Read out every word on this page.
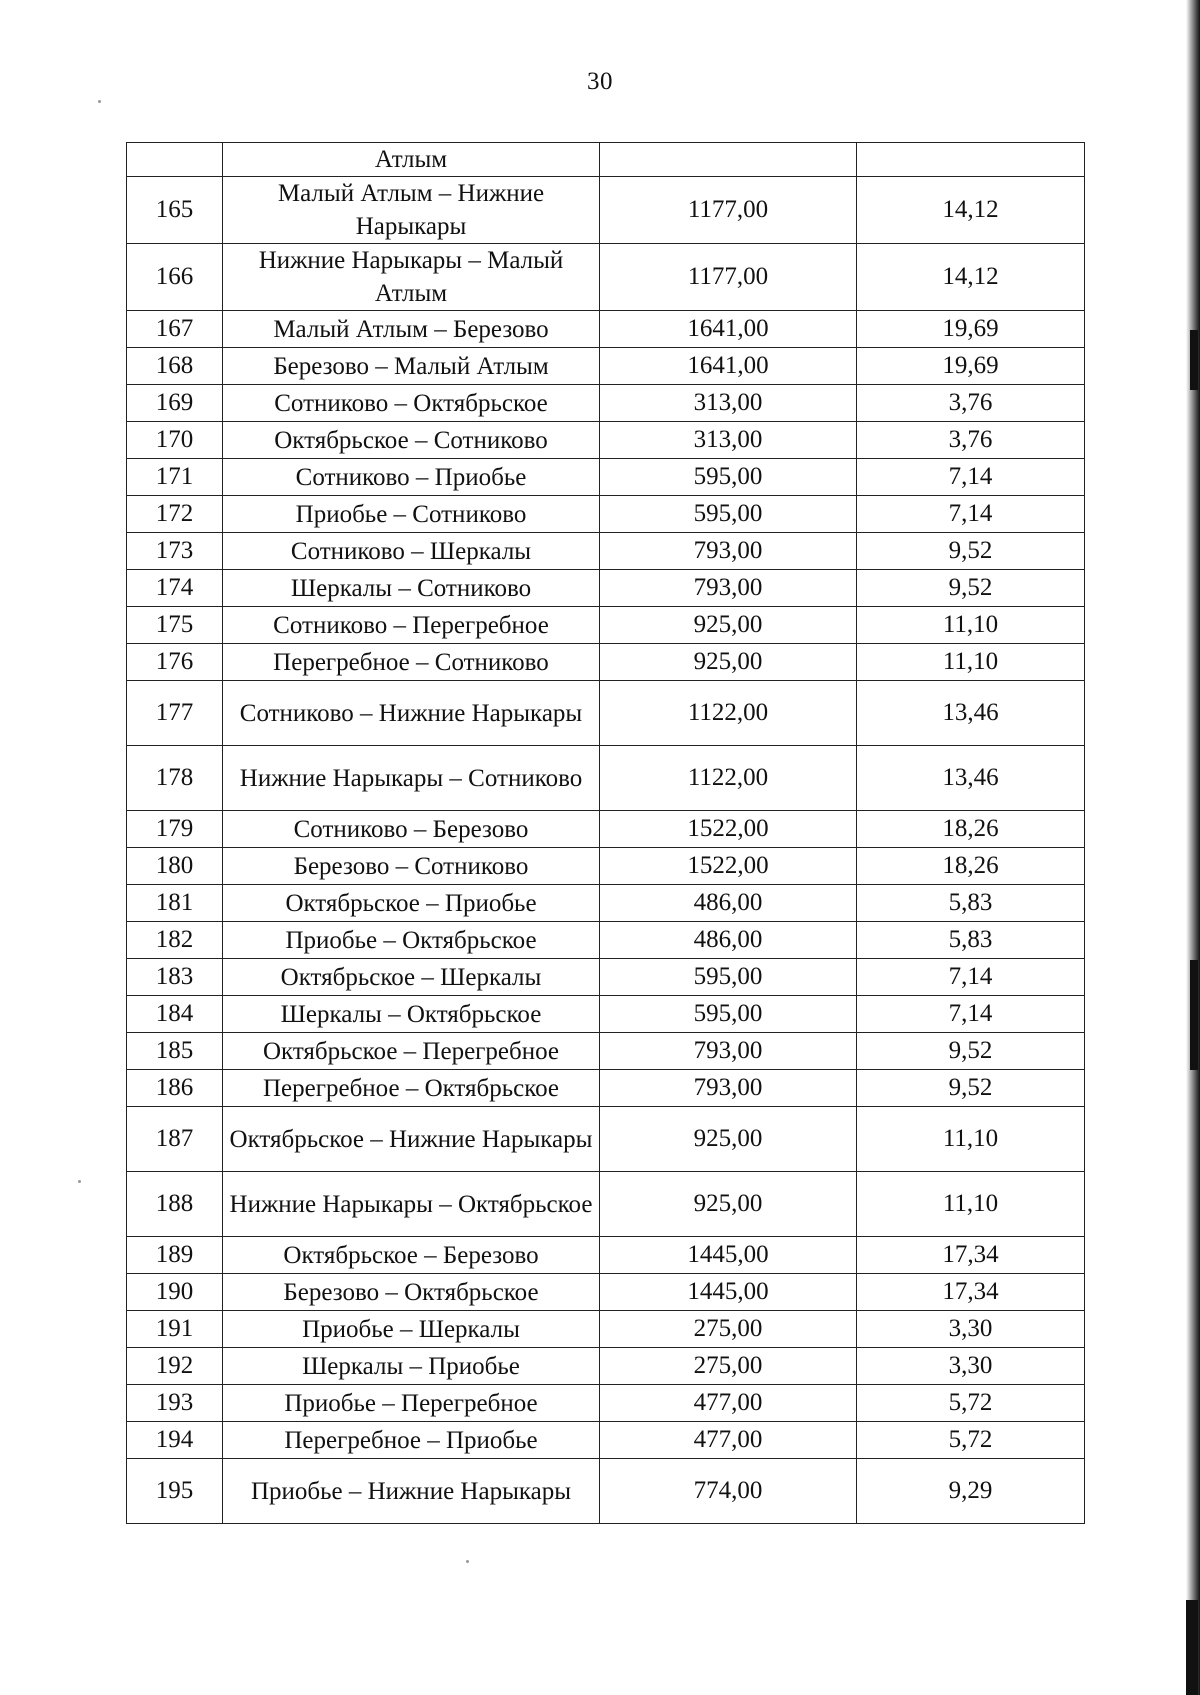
30
	Атлым		
165	Малый Атлым – Нижние Нарыкары	1177,00	14,12
166	Нижние Нарыкары – Малый Атлым	1177,00	14,12
167	Малый Атлым – Березово	1641,00	19,69
168	Березово – Малый Атлым	1641,00	19,69
169	Сотниково – Октябрьское	313,00	3,76
170	Октябрьское – Сотниково	313,00	3,76
171	Сотниково – Приобье	595,00	7,14
172	Приобье – Сотниково	595,00	7,14
173	Сотниково – Шеркалы	793,00	9,52
174	Шеркалы – Сотниково	793,00	9,52
175	Сотниково – Перегребное	925,00	11,10
176	Перегребное – Сотниково	925,00	11,10
177	Сотниково – Нижние Нарыкары	1122,00	13,46
178	Нижние Нарыкары – Сотниково	1122,00	13,46
179	Сотниково – Березово	1522,00	18,26
180	Березово – Сотниково	1522,00	18,26
181	Октябрьское – Приобье	486,00	5,83
182	Приобье – Октябрьское	486,00	5,83
183	Октябрьское – Шеркалы	595,00	7,14
184	Шеркалы – Октябрьское	595,00	7,14
185	Октябрьское – Перегребное	793,00	9,52
186	Перегребное – Октябрьское	793,00	9,52
187	Октябрьское – Нижние Нарыкары	925,00	11,10
188	Нижние Нарыкары – Октябрьское	925,00	11,10
189	Октябрьское – Березово	1445,00	17,34
190	Березово – Октябрьское	1445,00	17,34
191	Приобье – Шеркалы	275,00	3,30
192	Шеркалы – Приобье	275,00	3,30
193	Приобье – Перегребное	477,00	5,72
194	Перегребное – Приобье	477,00	5,72
195	Приобье – Нижние Нарыкары	774,00	9,29
